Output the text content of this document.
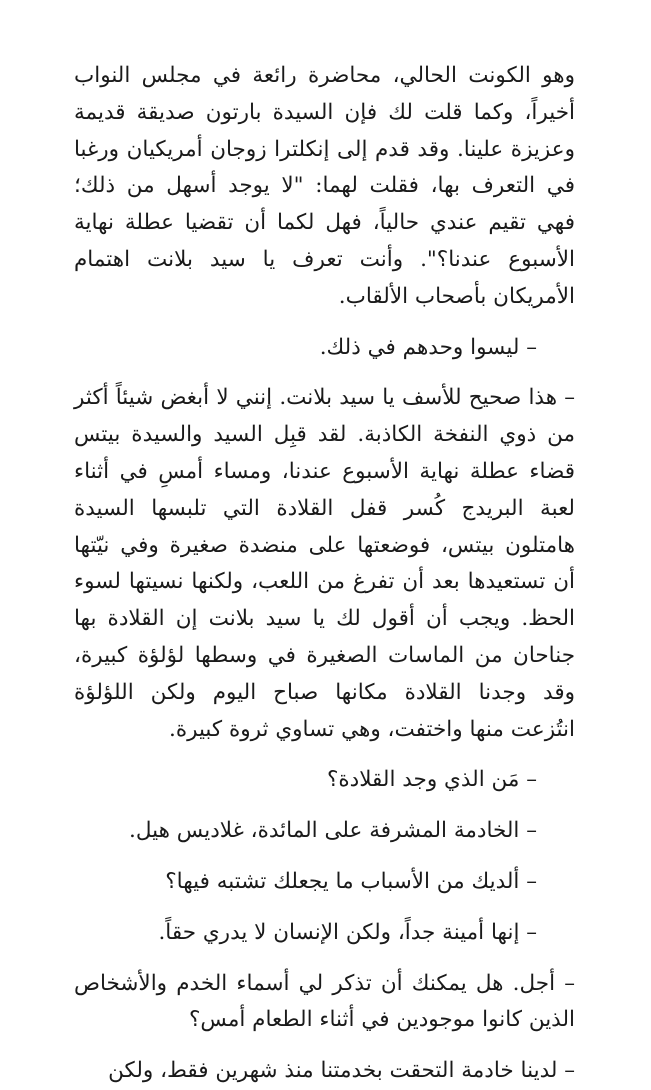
وهو الكونت الحالي، محاضرة رائعة في مجلس النواب أخيراً، وكما قلت لك فإن السيدة بارتون صديقة قديمة وعزيزة علينا. وقد قدم إلى إنكلترا زوجان أمريكيان ورغبا في التعرف بها، فقلت لهما: "لا يوجد أسهل من ذلك؛ فهي تقيم عندي حالياً، فهل لكما أن تقضيا عطلة نهاية الأسبوع عندنا؟". وأنت تعرف يا سيد بلانت اهتمام الأمريكان بأصحاب الألقاب.

– ليسوا وحدهم في ذلك.

– هذا صحيح للأسف يا سيد بلانت. إنني لا أبغض شيئاً أكثر من ذوي النفخة الكاذبة. لقد قبِل السيد والسيدة بيتس قضاء عطلة نهاية الأسبوع عندنا، ومساء أمسِ في أثناء لعبة البريدج كُسر قفل القلادة التي تلبسها السيدة هامتلون بيتس، فوضعتها على منضدة صغيرة وفي نيّتها أن تستعيدها بعد أن تفرغ من اللعب، ولكنها نسيتها لسوء الحظ. ويجب أن أقول لك يا سيد بلانت إن القلادة بها جناحان من الماسات الصغيرة في وسطها لؤلؤة كبيرة، وقد وجدنا القلادة مكانها صباح اليوم ولكن اللؤلؤة انتُزعت منها واختفت، وهي تساوي ثروة كبيرة.

– مَن الذي وجد القلادة؟

– الخادمة المشرفة على المائدة، غلاديس هيل.

– ألديك من الأسباب ما يجعلك تشتبه فيها؟

– إنها أمينة جداً، ولكن الإنسان لا يدري حقاً.

– أجل. هل يمكنك أن تذكر لي أسماء الخدم والأشخاص الذين كانوا موجودين في أثناء الطعام أمس؟

– لدينا خادمة التحقت بخدمتنا منذ شهرين فقط، ولكن
